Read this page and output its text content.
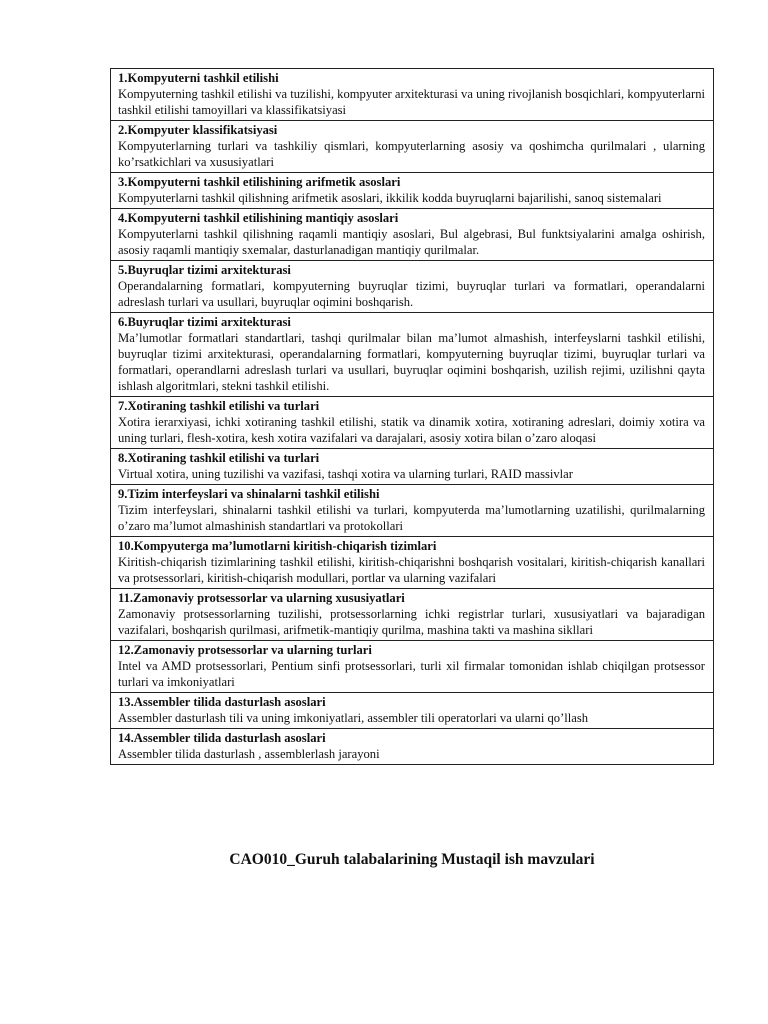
1.Kompyuterni tashkil etilishi
Kompyuterning tashkil etilishi va tuzilishi, kompyuter arxitekturasi va uning rivojlanish bosqichlari, kompyuterlarni tashkil etilishi tamoyillari va klassifikatsiyasi

2.Kompyuter klassifikatsiyasi
Kompyuterlarning turlari va tashkiliy qismlari, kompyuterlarning asosiy va qoshimcha qurilmalari , ularning ko’rsatkichlari va xususiyatlari

3.Kompyuterni tashkil etilishining arifmetik asoslari
Kompyuterlarni tashkil qilishning arifmetik asoslari, ikkilik kodda buyruqlarni bajarilishi, sanoq sistemalari

4.Kompyuterni tashkil etilishining mantiqiy asoslari
Kompyuterlarni tashkil qilishning raqamli mantiqiy asoslari, Bul algebrasi, Bul funktsiyalarini amalga oshirish, asosiy raqamli mantiqiy sxemalar, dasturlanadigan mantiqiy qurilmalar.

5.Buyruqlar tizimi arxitekturasi
Operandalarning formatlari, kompyuterning buyruqlar tizimi, buyruqlar turlari va formatlari, operandalarni adreslash turlari va usullari, buyruqlar oqimini boshqarish.

6.Buyruqlar tizimi arxitekturasi
Ma’lumotlar formatlari standartlari, tashqi qurilmalar bilan ma’lumot almashish, interfeyslarni tashkil etilishi, buyruqlar tizimi arxitekturasi, operandalarning formatlari, kompyuterning buyruqlar tizimi, buyruqlar turlari va formatlari, operandlarni adreslash turlari va usullari, buyruqlar oqimini boshqarish, uzilish rejimi, uzilishni qayta ishlash algoritmlari, stekni tashkil etilishi.

7.Xotiraning tashkil etilishi va turlari
Xotira ierarxiyasi, ichki xotiraning tashkil etilishi, statik va dinamik xotira, xotiraning adreslari, doimiy xotira va uning turlari, flesh-xotira, kesh xotira vazifalari va darajalari, asosiy xotira bilan o’zaro aloqasi

8.Xotiraning tashkil etilishi va turlari
Virtual xotira, uning tuzilishi va vazifasi, tashqi xotira va ularning turlari, RAID massivlar

9.Tizim interfeyslari va shinalarni tashkil etilishi
Tizim interfeyslari, shinalarni tashkil etilishi va turlari, kompyuterda ma’lumotlarning uzatilishi, qurilmalarning o’zaro ma’lumot almashinish standartlari va protokollari

10.Kompyuterga ma’lumotlarni kiritish-chiqarish tizimlari
Kiritish-chiqarish tizimlarining tashkil etilishi, kiritish-chiqarishni boshqarish vositalari, kiritish-chiqarish kanallari va protsessorlari, kiritish-chiqarish modullari, portlar va ularning vazifalari

11.Zamonaviy protsessorlar va ularning xususiyatlari
Zamonaviy protsessorlarning tuzilishi, protsessorlarning ichki registrlar turlari, xususiyatlari va bajaradigan vazifalari, boshqarish qurilmasi, arifmetik-mantiqiy qurilma, mashina takti va mashina sikllari

12.Zamonaviy protsessorlar va ularning turlari
Intel va AMD protsessorlari, Pentium sinfi protsessorlari, turli xil firmalar tomonidan ishlab chiqilgan protsessor turlari va imkoniyatlari

13.Assembler tilida dasturlash asoslari
Assembler dasturlash tili va uning imkoniyatlari, assembler tili operatorlari va ularni qo’llash

14.Assembler tilida dasturlash asoslari
Assembler tilida dasturlash , assemblerlash jarayoni
CAO010_Guruh talabalarining Mustaqil ish mavzulari
